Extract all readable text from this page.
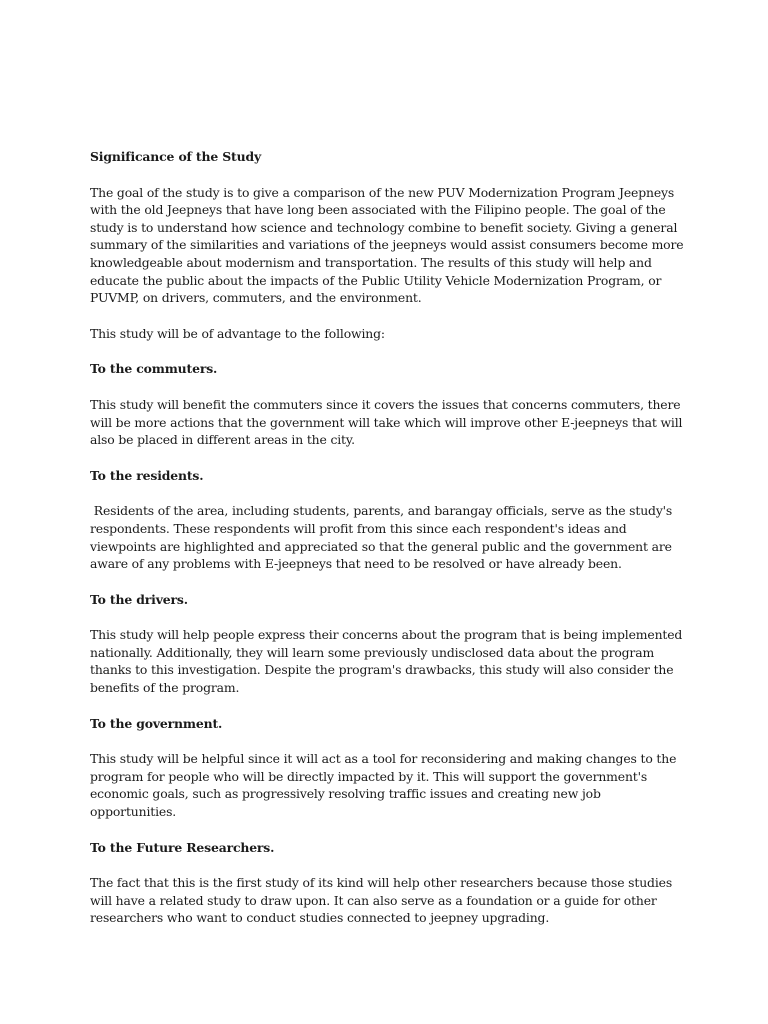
Significance of the Study

The goal of the study is to give a comparison of the new PUV Modernization Program Jeepneys with the old Jeepneys that have long been associated with the Filipino people. The goal of the study is to understand how science and technology combine to benefit society. Giving a general summary of the similarities and variations of the jeepneys would assist consumers become more knowledgeable about modernism and transportation. The results of this study will help and educate the public about the impacts of the Public Utility Vehicle Modernization Program, or PUVMP, on drivers, commuters, and the environment.

This study will be of advantage to the following:

To the commuters.

This study will benefit the commuters since it covers the issues that concerns commuters, there will be more actions that the government will take which will improve other E-jeepneys that will also be placed in different areas in the city.

To the residents.

Residents of the area, including students, parents, and barangay officials, serve as the study's respondents. These respondents will profit from this since each respondent's ideas and viewpoints are highlighted and appreciated so that the general public and the government are aware of any problems with E-jeepneys that need to be resolved or have already been.

To the drivers.

This study will help people express their concerns about the program that is being implemented nationally. Additionally, they will learn some previously undisclosed data about the program thanks to this investigation. Despite the program's drawbacks, this study will also consider the benefits of the program.

To the government.

This study will be helpful since it will act as a tool for reconsidering and making changes to the program for people who will be directly impacted by it. This will support the government's economic goals, such as progressively resolving traffic issues and creating new job opportunities.

To the Future Researchers.

The fact that this is the first study of its kind will help other researchers because those studies will have a related study to draw upon. It can also serve as a foundation or a guide for other researchers who want to conduct studies connected to jeepney upgrading.
